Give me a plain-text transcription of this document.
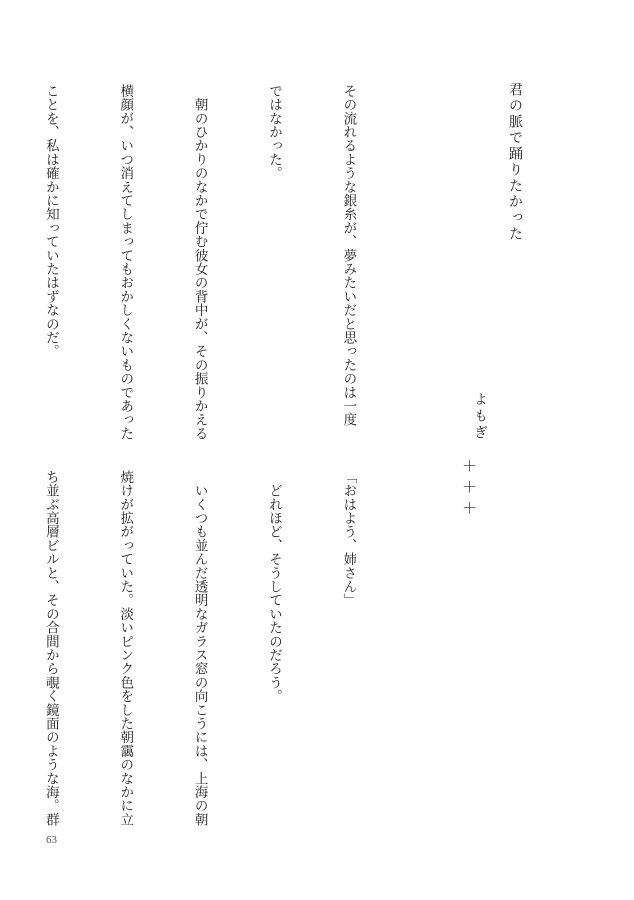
君の脈で踊りたかった
よもぎ

その流れるような銀糸が、夢みたいだと思ったのは一度

ではなかった。

　朝のひかりのなかで佇む彼女の背中が、その振りかえる

横顔が、いつ消えてしまってもおかしくないものであった

ことを、私は確かに知っていたはずなのだ。

＋＋＋

「おはよう、姉さん」

　どれほど、そうしていたのだろう。

　いくつも並んだ透明なガラス窓の向こうには、上海の朝

焼けが拡がっていた。淡いピンク色をした朝靄のなかに立

ち並ぶ高層ビルと、その合間から覗く鏡面のような海。群

63
